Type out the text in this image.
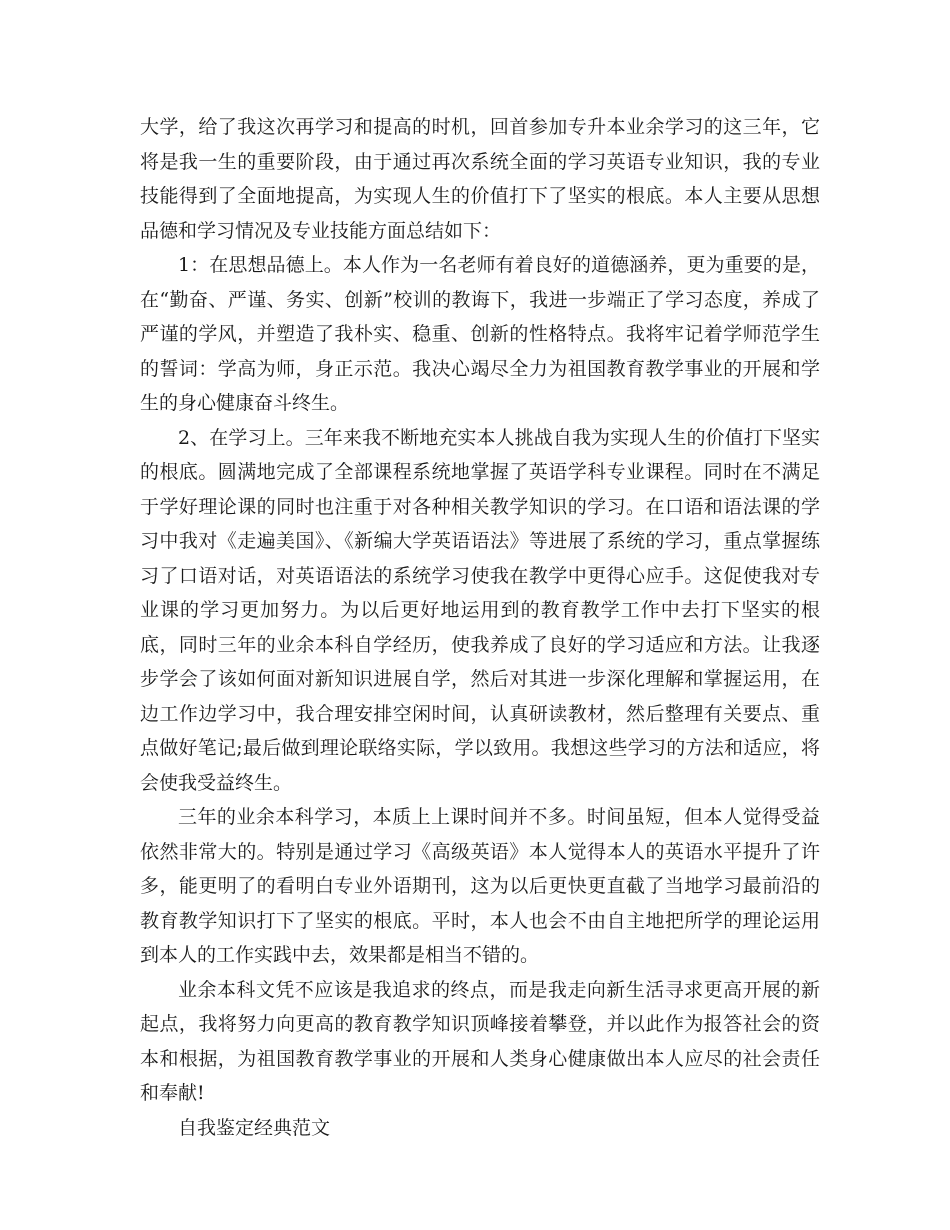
大学，给了我这次再学习和提高的时机，回首参加专升本业余学习的这三年，它将是我一生的重要阶段，由于通过再次系统全面的学习英语专业知识，我的专业技能得到了全面地提高，为实现人生的价值打下了坚实的根底。本人主要从思想品德和学习情况及专业技能方面总结如下：

1：在思想品德上。本人作为一名老师有着良好的道德涵养，更为重要的是，在“勤奋、严谨、务实、创新”校训的教诲下，我进一步端正了学习态度，养成了严谨的学风，并塑造了我朴实、稳重、创新的性格特点。我将牢记着学师范学生的誓词：学高为师，身正示范。我决心竭尽全力为祖国教育教学事业的开展和学生的身心健康奋斗终生。

2、在学习上。三年来我不断地充实本人挑战自我为实现人生的价值打下坚实的根底。圆满地完成了全部课程系统地掌握了英语学科专业课程。同时在不满足于学好理论课的同时也注重于对各种相关教学知识的学习。在口语和语法课的学习中我对《走遍美国》、《新编大学英语语法》等进展了系统的学习，重点掌握练习了口语对话，对英语语法的系统学习使我在教学中更得心应手。这促使我对专业课的学习更加努力。为以后更好地运用到的教育教学工作中去打下坚实的根底，同时三年的业余本科自学经历，使我养成了良好的学习适应和方法。让我逐步学会了该如何面对新知识进展自学，然后对其进一步深化理解和掌握运用，在边工作边学习中，我合理安排空闲时间，认真研读教材，然后整理有关要点、重点做好笔记;最后做到理论联络实际，学以致用。我想这些学习的方法和适应，将会使我受益终生。

三年的业余本科学习，本质上上课时间并不多。时间虽短，但本人觉得受益依然非常大的。特别是通过学习《高级英语》本人觉得本人的英语水平提升了许多，能更明了的看明白专业外语期刊，这为以后更快更直截了当地学习最前沿的教育教学知识打下了坚实的根底。平时，本人也会不由自主地把所学的理论运用到本人的工作实践中去，效果都是相当不错的。

业余本科文凭不应该是我追求的终点，而是我走向新生活寻求更高开展的新起点，我将努力向更高的教育教学知识顶峰接着攀登，并以此作为报答社会的资本和根据，为祖国教育教学事业的开展和人类身心健康做出本人应尽的社会责任和奉献!

自我鉴定经典范文
